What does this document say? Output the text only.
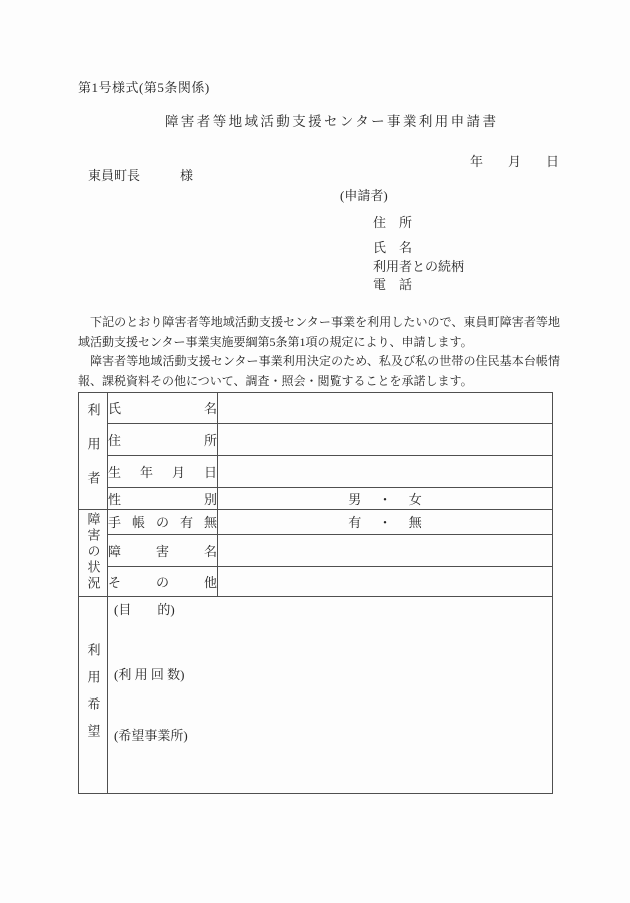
第1号様式(第5条関係)
障害者等地域活動支援センター事業利用申請書
年 月 日
東員町長	様
(申請者)
住　所
氏　名
利用者との続柄
電　話
下記のとおり障害者等地域活動支援センター事業を利用したいので、東員町障害者等地
域活動支援センター事業実施要綱第5条第1項の規定により、申請します。
障害者等地域活動支援センター事業利用決定のため、私及び私の世帯の住民基本台帳情
報、課税資料その他について、調査・照会・閲覧することを承諾します。
利用者	氏名	
	住所	
	生年月日	
	性別	男 ・ 女
障害の状況	手帳の有無	有 ・ 無
	障害名	
	その他	
利用希望	(目　　的)
(利 用 回 数)
(希望事業所)	
